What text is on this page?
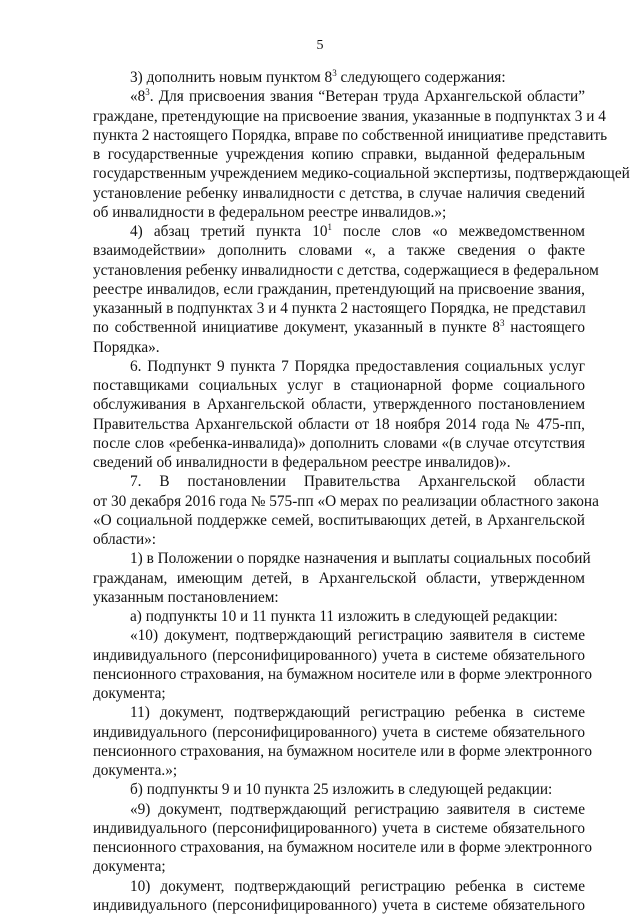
5
3) дополнить новым пунктом $8^3$ следующего содержания:
«$8^3$. Для присвоения звания “Ветеран труда Архангельской области”
граждане, претендующие на присвоение звания, указанные в подпунктах 3 и 4
пункта 2 настоящего Порядка, вправе по собственной инициативе представить
в государственные учреждения копию справки, выданной федеральным
государственным учреждением медико-социальной экспертизы, подтверждающей
установление ребенку инвалидности с детства, в случае наличия сведений
об инвалидности в федеральном реестре инвалидов.»;
4) абзац третий пункта $10^1$ после слов «о межведомственном
взаимодействии» дополнить словами «, а также сведения о факте
установления ребенку инвалидности с детства, содержащиеся в федеральном
реестре инвалидов, если гражданин, претендующий на присвоение звания,
указанный в подпунктах 3 и 4 пункта 2 настоящего Порядка, не представил
по собственной инициативе документ, указанный в пункте $8^3$ настоящего
Порядка».
6. Подпункт 9 пункта 7 Порядка предоставления социальных услуг
поставщиками социальных услуг в стационарной форме социального
обслуживания в Архангельской области, утвержденного постановлением
Правительства Архангельской области от 18 ноября 2014 года № 475-пп,
после слов «ребенка-инвалида)» дополнить словами «(в случае отсутствия
сведений об инвалидности в федеральном реестре инвалидов)».
7. В постановлении Правительства Архангельской области
от 30 декабря 2016 года № 575-пп «О мерах по реализации областного закона
«О социальной поддержке семей, воспитывающих детей, в Архангельской
области»:
1) в Положении о порядке назначения и выплаты социальных пособий
гражданам, имеющим детей, в Архангельской области, утвержденном
указанным постановлением:
а) подпункты 10 и 11 пункта 11 изложить в следующей редакции:
«10) документ, подтверждающий регистрацию заявителя в системе
индивидуального (персонифицированного) учета в системе обязательного
пенсионного страхования, на бумажном носителе или в форме электронного
документа;
11) документ, подтверждающий регистрацию ребенка в системе
индивидуального (персонифицированного) учета в системе обязательного
пенсионного страхования, на бумажном носителе или в форме электронного
документа.»;
б) подпункты 9 и 10 пункта 25 изложить в следующей редакции:
«9) документ, подтверждающий регистрацию заявителя в системе
индивидуального (персонифицированного) учета в системе обязательного
пенсионного страхования, на бумажном носителе или в форме электронного
документа;
10) документ, подтверждающий регистрацию ребенка в системе
индивидуального (персонифицированного) учета в системе обязательного
